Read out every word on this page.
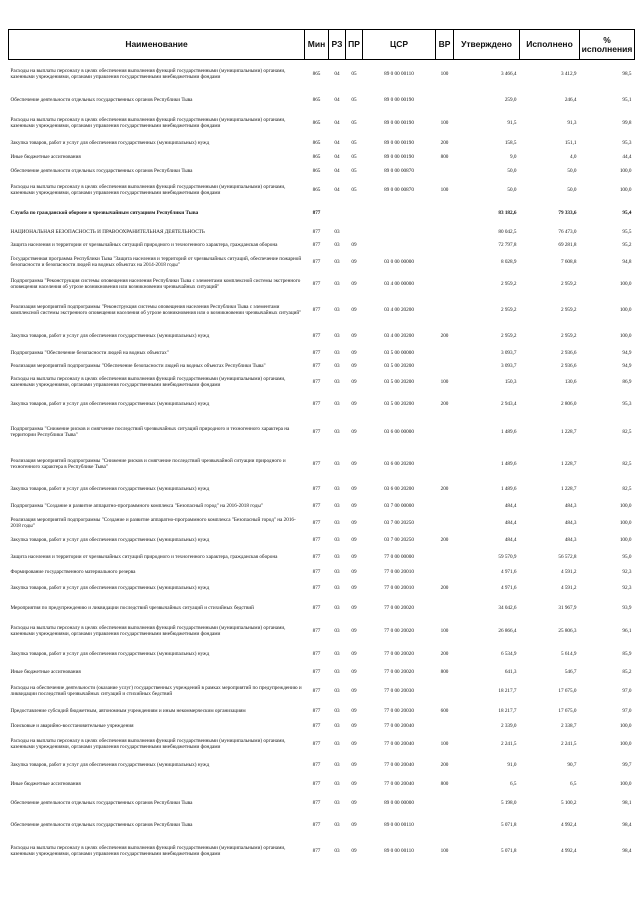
Наименование	Мин	РЗ	ПР	ЦСР	ВР	Утверждено	Исполнено	% исполнения
Расходы на выплаты персоналу в целях обеспечения выполнения функций государственными (муниципальными) органами, казенными учреждениями, органами управления государственными внебюджетными фондами	865	04	05	89 0 00 00110	100	3 466,4	3 412,9	98,5
Обеспечение деятельности отдельных государственных органов Республики Тыва	865	04	05	89 0 00 00190		259,0	246,4	95,1
Расходы на выплаты персоналу в целях обеспечения выполнения функций государственными (муниципальными) органами, казенными учреждениями, органами управления государственными внебюджетными фондами	865	04	05	89 0 00 00190	100	91,5	91,3	99,8
Закупка товаров, работ и услуг для обеспечения государственных (муниципальных) нужд	865	04	05	89 0 00 00190	200	158,5	151,1	95,3
Иные бюджетные ассигнования	865	04	05	89 0 00 00190	800	9,0	4,0	44,4
Обеспечение деятельности отдельных государственных органов Республики Тыва	865	04	05	89 0 00 00870		50,0	50,0	100,0
Расходы на выплаты персоналу в целях обеспечения выполнения функций государственными (муниципальными) органами, казенными учреждениями, органами управления государственными внебюджетными фондами	865	04	05	89 0 00 00870	100	50,0	50,0	100,0
Служба по гражданской обороне и чрезвычайным ситуациям Республики Тыва	877					83 182,6	79 333,6	95,4
НАЦИОНАЛЬНАЯ БЕЗОПАСНОСТЬ И ПРАВООХРАНИТЕЛЬНАЯ ДЕЯТЕЛЬНОСТЬ	877	03				80 042,5	76 473,0	95,5
Защита населения и территории от чрезвычайных ситуаций природного и техногенного характера, гражданская оборона	877	03	09			72 797,8	69 281,8	95,2
Государственная программа Республики Тыва "Защита населения и территорий от чрезвычайных ситуаций, обеспечение пожарной безопасности и безопасности людей на водных объектах на 2014-2018 годы"	877	03	09	03 0 00 00000		8 028,9	7 608,8	94,8
Подпрограмма "Реконструкция системы оповещения населения Республики Тыва с элементами комплексной системы экстренного оповещения населения об угрозе возникновения или возникновении чрезвычайных ситуаций"	877	03	09	03 4 00 00000		2 959,2	2 959,2	100,0
Реализация мероприятий подпрограммы "Реконструкция системы оповещения населения Республики Тыва с элементами комплексной системы экстренного оповещения населения об угрозе возникновения или о возникновении чрезвычайных ситуаций"	877	03	09	03 4 00 20200		2 959,2	2 959,2	100,0
Закупка товаров, работ и услуг для обеспечения государственных (муниципальных) нужд	877	03	09	03 4 00 20200	200	2 959,2	2 959,2	100,0
Подпрограмма "Обеспечение безопасности людей на водных объектах"	877	03	09	03 5 00 00000		3 093,7	2 936,6	94,9
Реализация мероприятий подпрограммы "Обеспечение безопасности людей на водных объектах Республики Тыва"	877	03	09	03 5 00 20200		3 093,7	2 936,6	94,9
Расходы на выплаты персоналу в целях обеспечения выполнения функций государственными (муниципальными) органами, казенными учреждениями, органами управления государственными внебюджетными фондами	877	03	09	03 5 00 20200	100	150,3	130,6	86,9
Закупка товаров, работ и услуг для обеспечения государственных (муниципальных) нужд	877	03	09	03 5 00 20200	200	2 943,4	2 806,0	95,3
Подпрограмма "Снижение рисков и смягчение последствий чрезвычайных ситуаций природного и техногенного характера на территории Республики Тыва"	877	03	09	03 6 00 00000		1 489,6	1 228,7	82,5
Реализация мероприятий подпрограммы "Снижение рисков и смягчение последствий чрезвычайной ситуации природного и техногенного характера в Республике Тыва"	877	03	09	03 6 00 20200		1 489,6	1 228,7	82,5
Закупка товаров, работ и услуг для обеспечения государственных (муниципальных) нужд	877	03	09	03 6 00 20200	200	1 489,6	1 228,7	82,5
Подпрограмма "Создание и развитие аппаратно-программного комплекса "Безопасный город" на 2016-2018 годы"	877	03	09	03 7 00 00000		484,4	484,3	100,0
Реализация мероприятий подпрограммы "Создание и развитие аппаратно-программного комплекса "Безопасный город" на 2016-2018 годы"	877	03	09	03 7 00 20250		484,4	484,3	100,0
Закупка товаров, работ и услуг для обеспечения государственных (муниципальных) нужд	877	03	09	03 7 00 20250	200	484,4	484,3	100,0
Защита населения и территории от чрезвычайных ситуаций природного и техногенного характера, гражданская оборона	877	03	09	77 0 00 00000		59 570,9	56 572,8	95,0
Формирование государственного материального резерва	877	03	09	77 0 00 20010		4 971,6	4 591,2	92,3
Закупка товаров, работ и услуг для обеспечения государственных (муниципальных) нужд	877	03	09	77 0 00 20010	200	4 971,6	4 591,2	92,3
Мероприятия по предупреждению и ликвидации последствий чрезвычайных ситуаций и стихийных бедствий	877	03	09	77 0 00 20020		34 042,6	31 967,9	93,9
Расходы на выплаты персоналу в целях обеспечения выполнения функций государственными (муниципальными) органами, казенными учреждениями, органами управления государственными внебюджетными фондами	877	03	09	77 0 00 20020	100	26 866,4	25 806,3	96,1
Закупка товаров, работ и услуг для обеспечения государственных (муниципальных) нужд	877	03	09	77 0 00 20020	200	6 534,9	5 614,9	85,9
Иные бюджетные ассигнования	877	03	09	77 0 00 20020	800	641,3	546,7	85,2
Расходы на обеспечение деятельности (оказание услуг) государственных учреждений в рамках мероприятий по предупреждению и ликвидации последствий чрезвычайных ситуаций и стихийных бедствий	877	03	09	77 0 00 20030		18 217,7	17 675,0	97,0
Предоставление субсидий бюджетным, автономным учреждениям и иным некоммерческим организациям	877	03	09	77 0 00 20030	600	18 217,7	17 675,0	97,0
Поисковые и аварийно-восстановительные учреждения	877	03	09	77 0 00 20040		2 339,0	2 338,7	100,0
Расходы на выплаты персоналу в целях обеспечения выполнения функций государственными (муниципальными) органами, казенными учреждениями, органами управления государственными внебюджетными фондами	877	03	09	77 0 00 20040	100	2 241,5	2 241,5	100,0
Закупка товаров, работ и услуг для обеспечения государственных (муниципальных) нужд	877	03	09	77 0 00 20040	200	91,0	90,7	99,7
Иные бюджетные ассигнования	877	03	09	77 0 00 20040	800	6,5	6,5	100,0
Обеспечение деятельности отдельных государственных органов Республики Тыва	877	03	09	89 0 00 00000		5 198,0	5 100,2	98,1
Обеспечение деятельности отдельных государственных органов Республики Тыва	877	03	09	89 0 00 00110		5 071,8	4 992,4	98,4
Расходы на выплаты персоналу в целях обеспечения выполнения функций государственными (муниципальными) органами, казенными учреждениями, органами управления государственными внебюджетными фондами	877	03	09	89 0 00 00110	100	5 071,8	4 992,4	98,4
